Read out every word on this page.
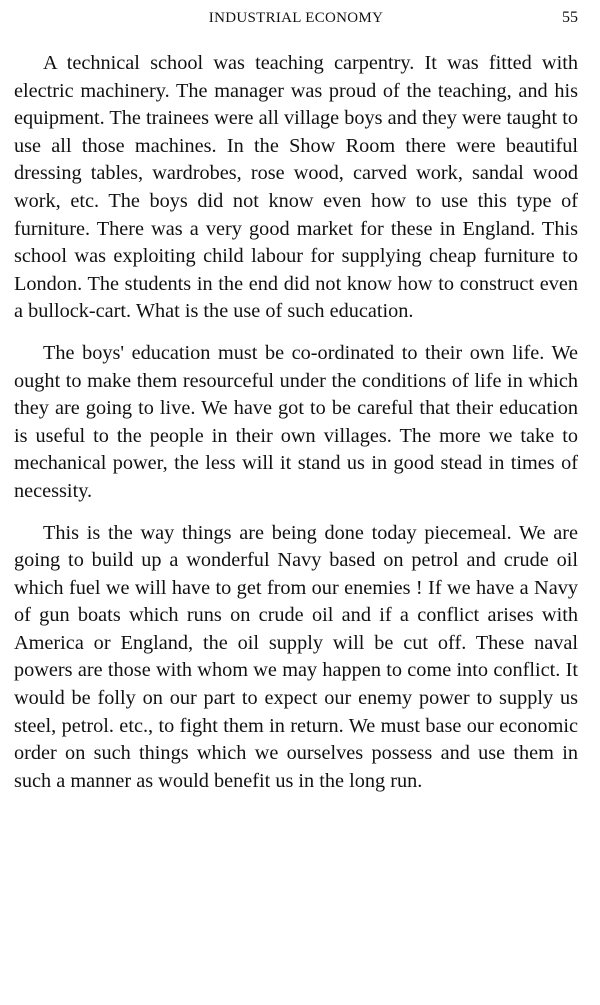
INDUSTRIAL ECONOMY	55

A technical school was teaching carpentry. It was fitted with electric machinery. The manager was proud of the teaching, and his equipment. The trainees were all village boys and they were taught to use all those machines. In the Show Room there were beautiful dressing tables, wardrobes, rose wood, carved work, sandal wood work, etc. The boys did not know even how to use this type of furniture. There was a very good market for these in England. This school was exploiting child labour for supplying cheap furniture to London. The students in the end did not know how to construct even a bullock-cart. What is the use of such education.

The boys' education must be co-ordinated to their own life. We ought to make them resourceful under the conditions of life in which they are going to live. We have got to be careful that their education is useful to the people in their own villages. The more we take to mechanical power, the less will it stand us in good stead in times of necessity.

This is the way things are being done today piecemeal. We are going to build up a wonderful Navy based on petrol and crude oil which fuel we will have to get from our enemies ! If we have a Navy of gun boats which runs on crude oil and if a conflict arises with America or England, the oil supply will be cut off. These naval powers are those with whom we may happen to come into conflict. It would be folly on our part to expect our enemy power to supply us steel, petrol. etc., to fight them in return. We must base our economic order on such things which we ourselves possess and use them in such a manner as would benefit us in the long run.
